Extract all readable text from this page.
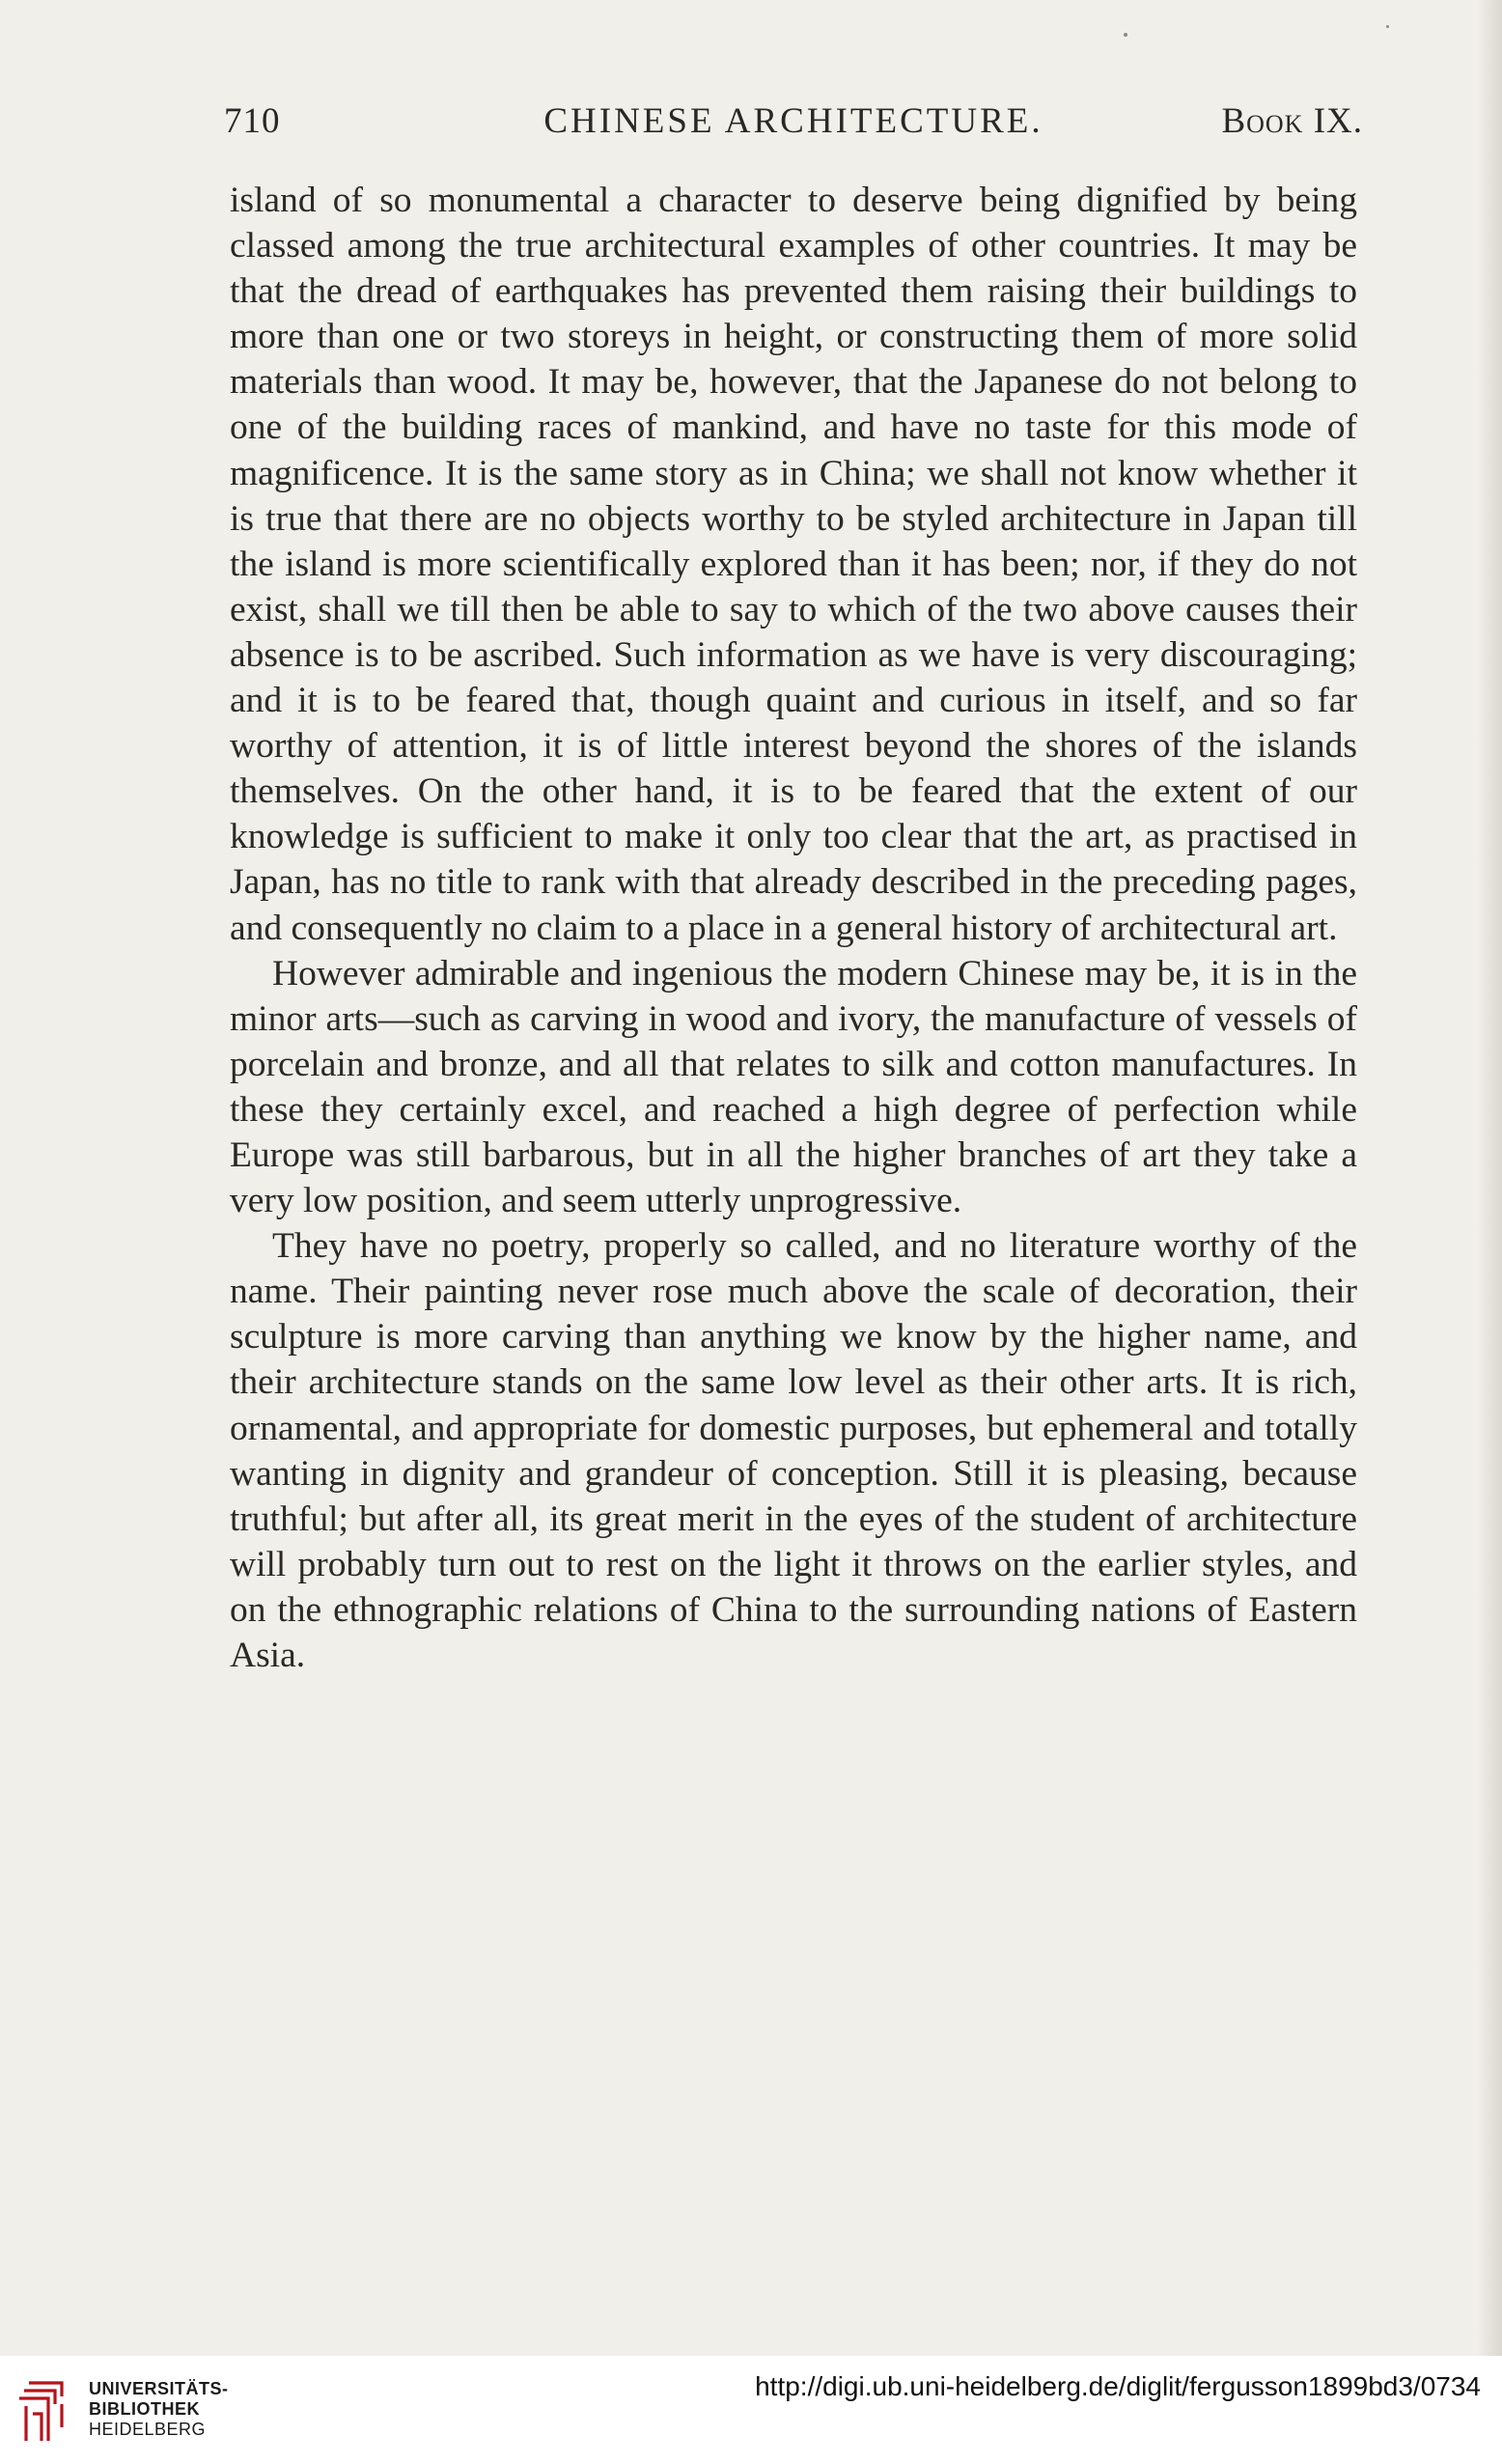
710	CHINESE ARCHITECTURE.	Book IX.

island of so monumental a character to deserve being dignified by being classed among the true architectural examples of other countries. It may be that the dread of earthquakes has prevented them raising their buildings to more than one or two storeys in height, or constructing them of more solid materials than wood. It may be, however, that the Japanese do not belong to one of the building races of mankind, and have no taste for this mode of magnificence. It is the same story as in China; we shall not know whether it is true that there are no objects worthy to be styled architecture in Japan till the island is more scientifically explored than it has been; nor, if they do not exist, shall we till then be able to say to which of the two above causes their absence is to be ascribed. Such information as we have is very discouraging; and it is to be feared that, though quaint and curious in itself, and so far worthy of attention, it is of little interest beyond the shores of the islands themselves. On the other hand, it is to be feared that the extent of our knowledge is sufficient to make it only too clear that the art, as practised in Japan, has no title to rank with that already described in the preceding pages, and consequently no claim to a place in a general history of architectural art.

However admirable and ingenious the modern Chinese may be, it is in the minor arts—such as carving in wood and ivory, the manufacture of vessels of porcelain and bronze, and all that relates to silk and cotton manufactures. In these they certainly excel, and reached a high degree of perfection while Europe was still barbarous, but in all the higher branches of art they take a very low position, and seem utterly unprogressive.

They have no poetry, properly so called, and no literature worthy of the name. Their painting never rose much above the scale of decoration, their sculpture is more carving than anything we know by the higher name, and their architecture stands on the same low level as their other arts. It is rich, ornamental, and appropriate for domestic purposes, but ephemeral and totally wanting in dignity and grandeur of conception. Still it is pleasing, because truthful; but after all, its great merit in the eyes of the student of architecture will probably turn out to rest on the light it throws on the earlier styles, and on the ethnographic relations of China to the surrounding nations of Eastern Asia.

UNIVERSITÄTS-
BIBLIOTHEK
HEIDELBERG
http://digi.ub.uni-heidelberg.de/diglit/fergusson1899bd3/0734
